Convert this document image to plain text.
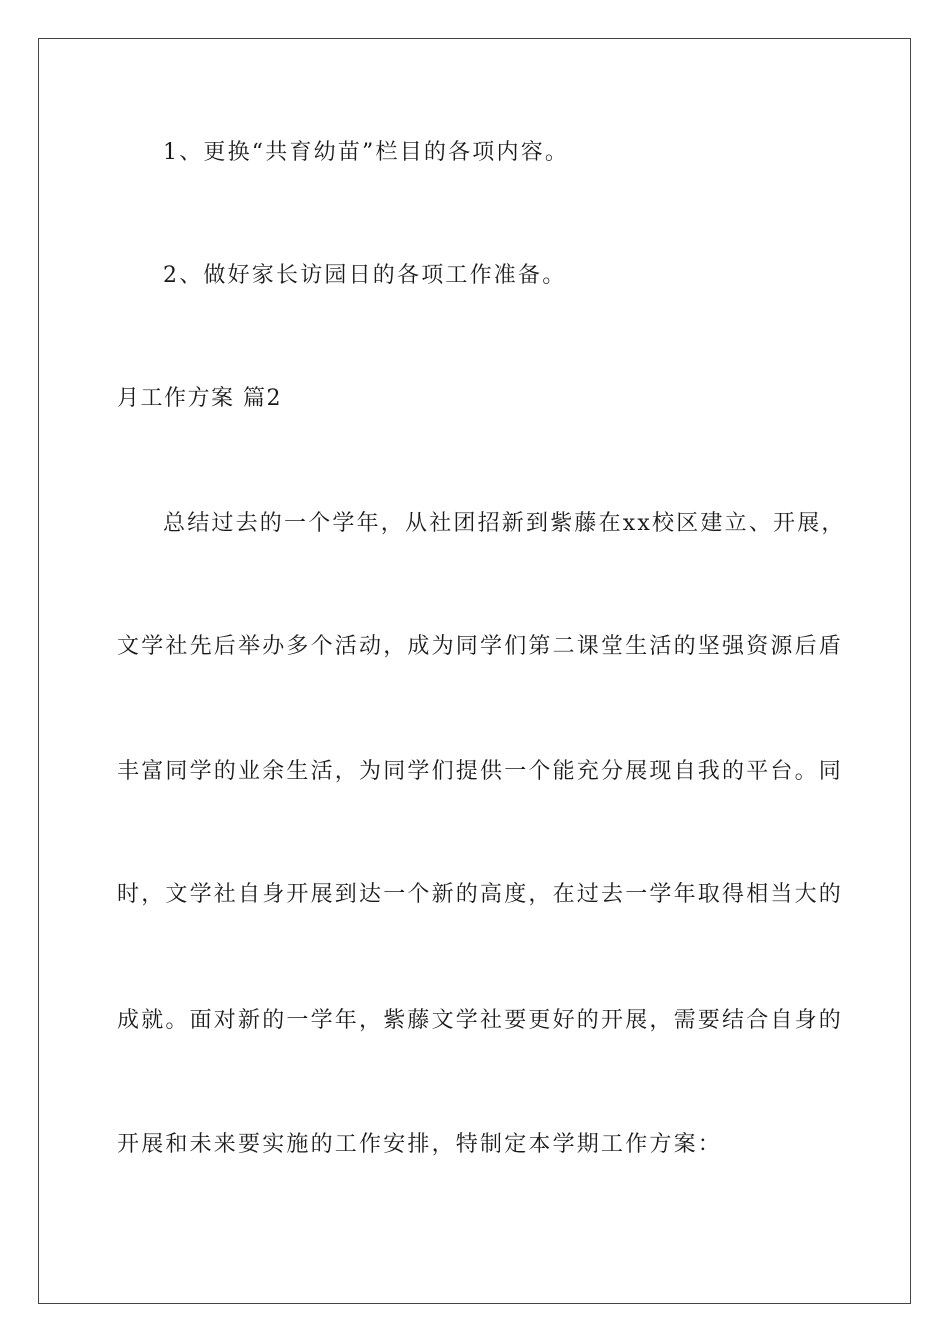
1、更换“共育幼苗”栏目的各项内容。
2、做好家长访园日的各项工作准备。
月工作方案 篇2
总结过去的一个学年，从社团招新到紫藤在xx校区建立、开展，
文学社先后举办多个活动，成为同学们第二课堂生活的坚强资源后盾
丰富同学的业余生活，为同学们提供一个能充分展现自我的平台。同
时，文学社自身开展到达一个新的高度，在过去一学年取得相当大的
成就。面对新的一学年，紫藤文学社要更好的开展，需要结合自身的
开展和未来要实施的工作安排，特制定本学期工作方案：
